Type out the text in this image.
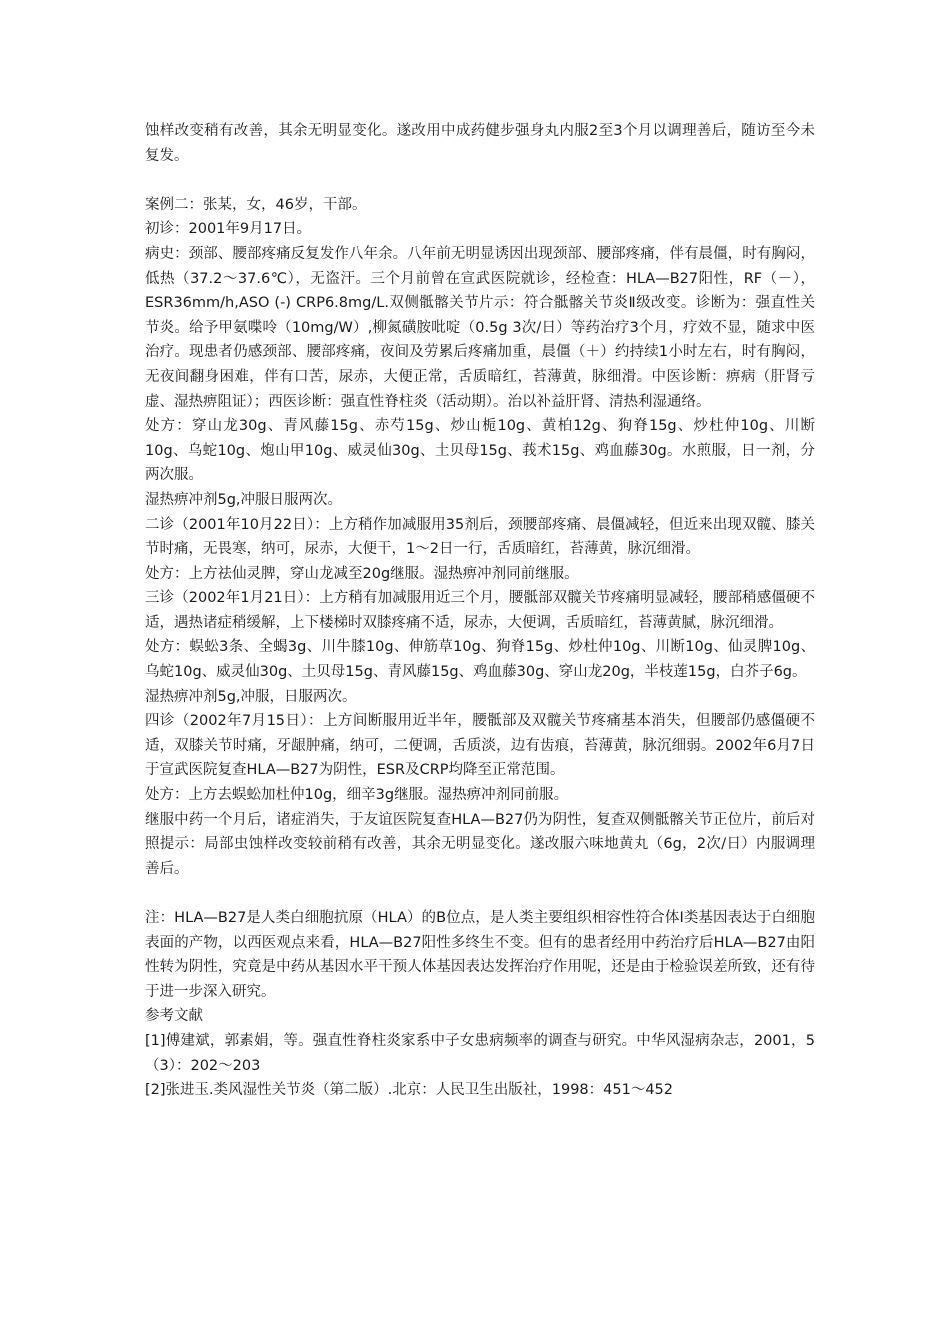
蚀样改变稍有改善，其余无明显变化。遂改用中成药健步强身丸内服2至3个月以调理善后，随访至今未复发。

案例二：张某，女，46岁，干部。

初诊：2001年9月17日。

病史：颈部、腰部疼痛反复发作八年余。八年前无明显诱因出现颈部、腰部疼痛，伴有晨僵，时有胸闷，低热（37.2～37.6℃），无盗汗。三个月前曾在宣武医院就诊，经检查：HLA—B27阳性，RF（－），ESR36mm/h,ASO (-) CRP6.8mg/L.双侧骶髂关节片示：符合骶髂关节炎Ⅱ级改变。诊断为：强直性关节炎。给予甲氨喋呤（10mg/W）,柳氮磺胺吡啶（0.5g 3次/日）等药治疗3个月，疗效不显，随求中医治疗。现患者仍感颈部、腰部疼痛，夜间及劳累后疼痛加重，晨僵（＋）约持续1小时左右，时有胸闷，无夜间翻身困难，伴有口苦，尿赤，大便正常，舌质暗红，苔薄黄，脉细滑。中医诊断：痹病（肝肾亏虚、湿热痹阻证）；西医诊断：强直性脊柱炎（活动期）。治以补益肝肾、清热利湿通络。

处方：穿山龙30g、青风藤15g、赤芍15g、炒山栀10g、黄柏12g、狗脊15g、炒杜仲10g、川断10g、乌蛇10g、炮山甲10g、威灵仙30g、土贝母15g、莪术15g、鸡血藤30g。水煎服，日一剂，分两次服。

湿热痹冲剂5g,冲服日服两次。

二诊（2001年10月22日）：上方稍作加减服用35剂后，颈腰部疼痛、晨僵减轻，但近来出现双髋、膝关节时痛，无畏寒，纳可，尿赤，大便干，1～2日一行，舌质暗红，苔薄黄，脉沉细滑。

处方：上方祛仙灵脾，穿山龙减至20g继服。湿热痹冲剂同前继服。

三诊（2002年1月21日）：上方稍有加减服用近三个月，腰骶部双髋关节疼痛明显减轻，腰部稍感僵硬不适，遇热诸症稍缓解，上下楼梯时双膝疼痛不适，尿赤，大便调，舌质暗红，苔薄黄腻，脉沉细滑。

处方：蜈蚣3条、全蝎3g、川牛膝10g、伸筋草10g、狗脊15g、炒杜仲10g、川断10g、仙灵脾10g、乌蛇10g、威灵仙30g、土贝母15g、青风藤15g、鸡血藤30g、穿山龙20g，半枝莲15g，白芥子6g。

湿热痹冲剂5g,冲服，日服两次。

四诊（2002年7月15日）：上方间断服用近半年，腰骶部及双髋关节疼痛基本消失，但腰部仍感僵硬不适，双膝关节时痛，牙龈肿痛，纳可，二便调，舌质淡，边有齿痕，苔薄黄，脉沉细弱。2002年6月7日于宣武医院复查HLA—B27为阴性，ESR及CRP均降至正常范围。

处方：上方去蜈蚣加杜仲10g，细辛3g继服。湿热痹冲剂同前服。

继服中药一个月后，诸症消失，于友谊医院复查HLA—B27仍为阴性，复查双侧骶髂关节正位片，前后对照提示：局部虫蚀样改变较前稍有改善，其余无明显变化。遂改服六味地黄丸（6g，2次/日）内服调理善后。

注：HLA—B27是人类白细胞抗原（HLA）的B位点，是人类主要组织相容性符合体Ⅰ类基因表达于白细胞表面的产物，以西医观点来看，HLA—B27阳性多终生不变。但有的患者经用中药治疗后HLA—B27由阳性转为阴性，究竟是中药从基因水平干预人体基因表达发挥治疗作用呢，还是由于检验误差所致，还有待于进一步深入研究。

参考文献

[1]傅建斌，郭素娟，等。强直性脊柱炎家系中子女患病频率的调查与研究。中华风湿病杂志，2001，5（3）：202～203

[2]张进玉.类风湿性关节炎（第二版）.北京：人民卫生出版社，1998：451～452
